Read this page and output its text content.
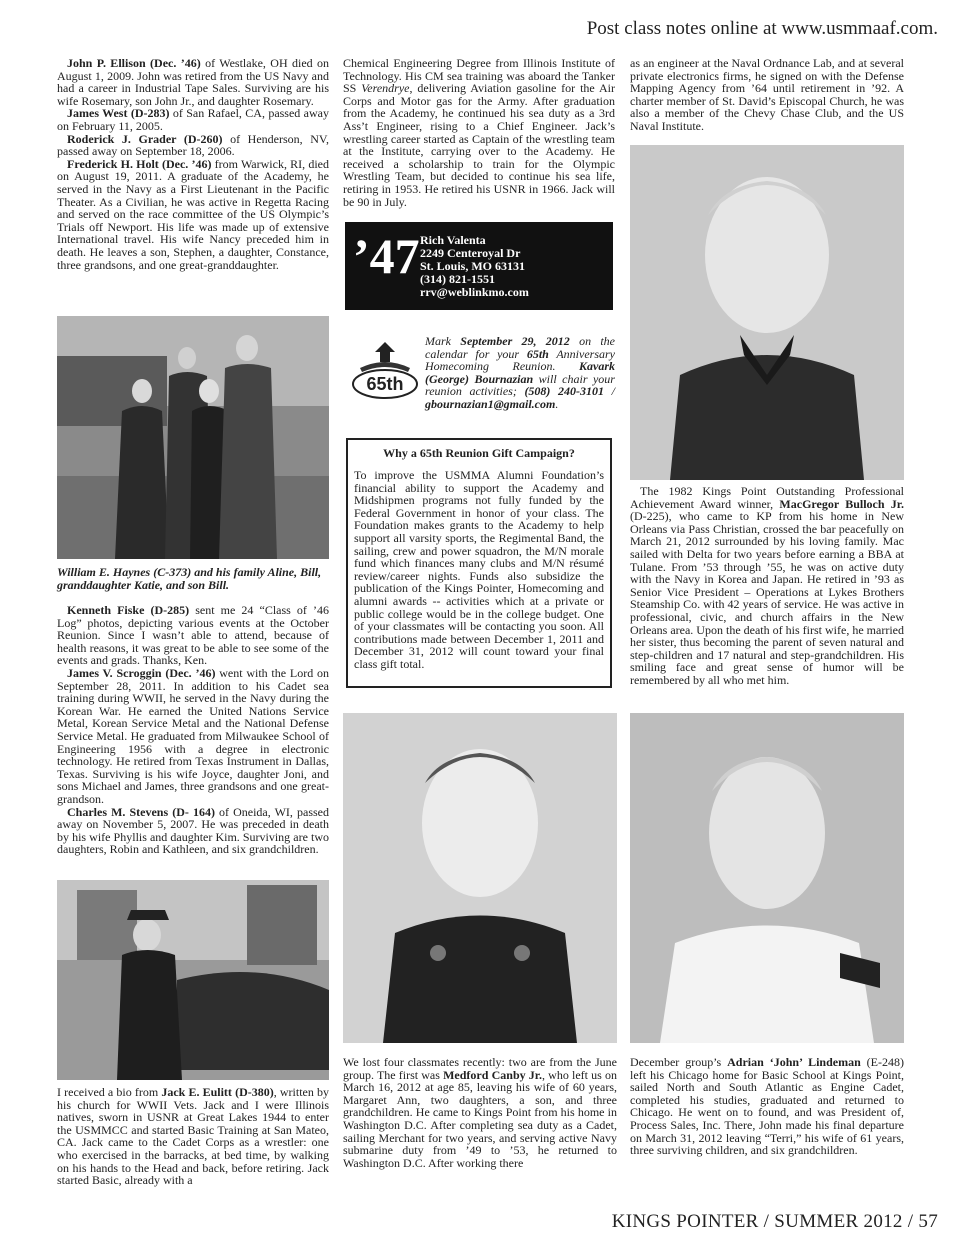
Post class notes online at www.usmmaaf.com.

John P. Ellison (Dec. ’46) of Westlake, OH died on August 1, 2009. John was retired from the US Navy and had a career in Industrial Tape Sales. Surviving are his wife Rosemary, son John Jr., and daughter Rosemary.

James West (D-283) of San Rafael, CA, passed away on February 11, 2005.

Roderick J. Grader (D-260) of Henderson, NV, passed away on September 18, 2006.

Frederick H. Holt (Dec. ’46) from Warwick, RI, died on August 19, 2011. A graduate of the Academy, he served in the Navy as a First Lieutenant in the Pacific Theater. As a Civilian, he was active in Regetta Racing and served on the race committee of the US Olympic’s Trials off Newport. His life was made up of extensive International travel. His wife Nancy preceded him in death. He leaves a son, Stephen, a daughter, Constance, three grandsons, and one great-granddaughter.

William E. Haynes (C-373) and his family Aline, Bill, granddaughter Katie, and son Bill.

Kenneth Fiske (D-285) sent me 24 “Class of ’46 Log” photos, depicting various events at the October Reunion. Since I wasn’t able to attend, because of health reasons, it was great to be able to see some of the events and grads. Thanks, Ken.

James V. Scroggin (Dec. ’46) went with the Lord on September 28, 2011. In addition to his Cadet sea training during WWII, he served in the Navy during the Korean War. He earned the United Nations Service Metal, Korean Service Metal and the National Defense Service Metal. He graduated from Milwaukee School of Engineering 1956 with a degree in electronic technology. He retired from Texas Instrument in Dallas, Texas. Surviving is his wife Joyce, daughter Joni, and sons Michael and James, three grandsons and one great-grandson.

Charles M. Stevens (D- 164) of Oneida, WI, passed away on November 5, 2007. He was preceded in death by his wife Phyllis and daughter Kim. Surviving are two daughters, Robin and Kathleen, and six grandchildren.

I received a bio from Jack E. Eulitt (D-380), written by his church for WWII Vets. Jack and I were Illinois natives, sworn in USNR at Great Lakes 1944 to enter the USMMCC and started Basic Training at San Mateo, CA. Jack came to the Cadet Corps as a wrestler: one who exercised in the barracks, at bed time, by walking on his hands to the Head and back, before retiring. Jack started Basic, already with a

Chemical Engineering Degree from Illinois Institute of Technology. His CM sea training was aboard the Tanker SS Verendrye, delivering Aviation gasoline for the Air Corps and Motor gas for the Army. After graduation from the Academy, he continued his sea duty as a 3rd Ass’t Engineer, rising to a Chief Engineer. Jack’s wrestling career started as Captain of the wrestling team at the Institute, carrying over to the Academy. He received a scholarship to train for the Olympic Wrestling Team, but decided to continue his sea life, retiring in 1953. He retired his USNR in 1966. Jack will be 90 in July.

’47 Rich Valenta
2249 Centeroyal Dr
St. Louis, MO 63131
(314) 821-1551
rrv@weblinkmo.com
65th
Mark September 29, 2012 on the calendar for your 65th Anniversary Homecoming Reunion. Kavark (George) Bournazian will chair your reunion activities; (508) 240-3101 / gbournazian1@gmail.com.
Why a 65th Reunion Gift Campaign?
To improve the USMMA Alumni Foundation’s financial ability to support the Academy and Midshipmen programs not fully funded by the Federal Government in honor of your class. The Foundation makes grants to the Academy to help support all varsity sports, the Regimental Band, the sailing, crew and power squadron, the M/N morale fund which finances many clubs and M/N résumé review/career nights. Funds also subsidize the publication of the Kings Pointer, Homecoming and alumni awards -- activities which at a private or public college would be in the college budget. One of your classmates will be contacting you soon. All contributions made between December 1, 2011 and December 31, 2012 will count toward your final class gift total.

as an engineer at the Naval Ordnance Lab, and at several private electronics firms, he signed on with the Defense Mapping Agency from ’64 until retirement in ’92. A charter member of St. David’s Episcopal Church, he was also a member of the Chevy Chase Club, and the US Naval Institute.

The 1982 Kings Point Outstanding Professional Achievement Award winner, MacGregor Bulloch Jr. (D-225), who came to KP from his home in New Orleans via Pass Christian, crossed the bar peacefully on March 21, 2012 surrounded by his loving family. Mac sailed with Delta for two years before earning a BBA at Tulane. From ’53 through ’55, he was on active duty with the Navy in Korea and Japan. He retired in ’93 as Senior Vice President – Operations at Lykes Brothers Steamship Co. with 42 years of service. He was active in professional, civic, and church affairs in the New Orleans area. Upon the death of his first wife, he married her sister, thus becoming the parent of seven natural and step-children and 17 natural and step-grandchildren. His smiling face and great sense of humor will be remembered by all who met him.

We lost four classmates recently: two are from the June group. The first was Medford Canby Jr., who left us on March 16, 2012 at age 85, leaving his wife of 60 years, Margaret Ann, two daughters, a son, and three grandchildren. He came to Kings Point from his home in Washington D.C. After completing sea duty as a Cadet, sailing Merchant for two years, and serving active Navy submarine duty from ’49 to ’53, he returned to Washington D.C. After working there

December group’s Adrian ‘John’ Lindeman (E-248) left his Chicago home for Basic School at Kings Point, sailed North and South Atlantic as Engine Cadet, completed his studies, graduated and returned to Chicago. He went on to found, and was President of, Process Sales, Inc. There, John made his final departure on March 31, 2012 leaving “Terri,” his wife of 61 years, three surviving children, and six grandchildren.

KINGS POINTER / SUMMER 2012 / 57
